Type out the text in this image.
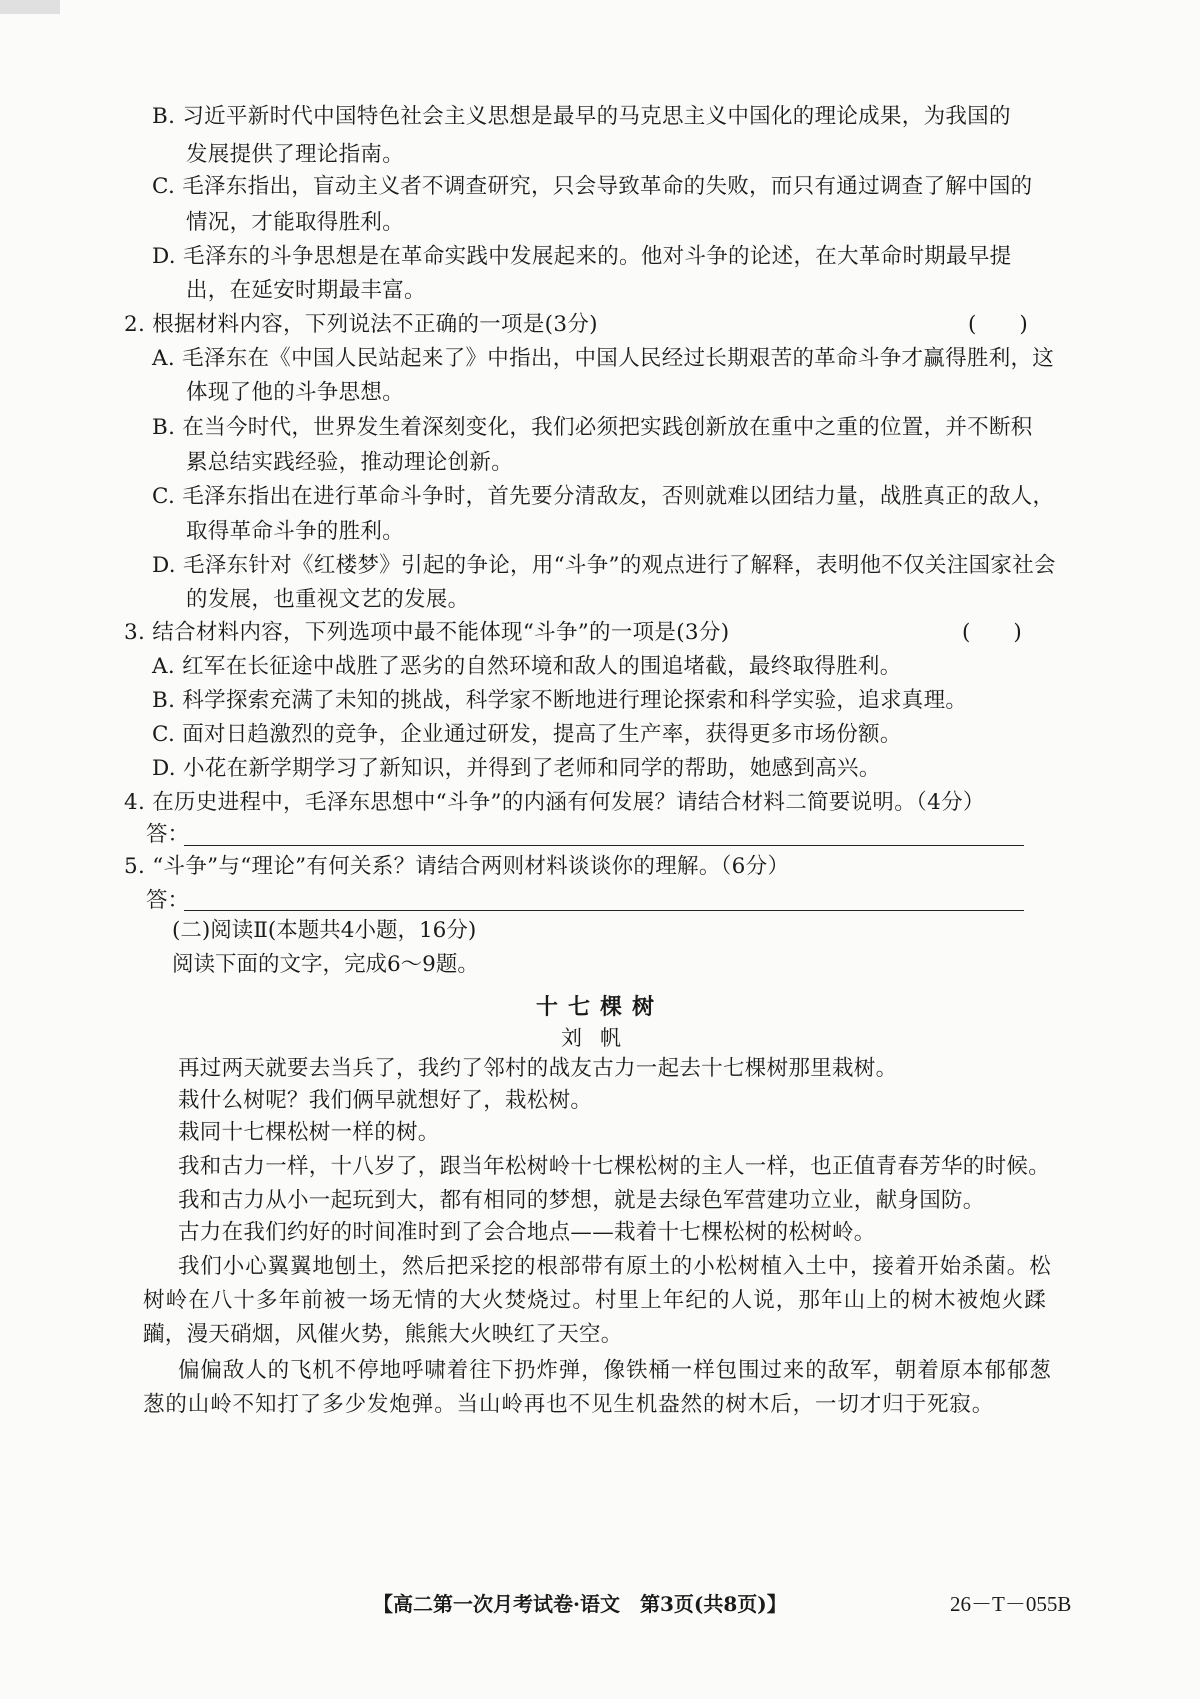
B. 习近平新时代中国特色社会主义思想是最早的马克思主义中国化的理论成果，为我国的
发展提供了理论指南。
C. 毛泽东指出，盲动主义者不调查研究，只会导致革命的失败，而只有通过调查了解中国的
情况，才能取得胜利。
D. 毛泽东的斗争思想是在革命实践中发展起来的。他对斗争的论述，在大革命时期最早提
出，在延安时期最丰富。
2. 根据材料内容，下列说法不正确的一项是(3分)	(　　)
A. 毛泽东在《中国人民站起来了》中指出，中国人民经过长期艰苦的革命斗争才赢得胜利，这
体现了他的斗争思想。
B. 在当今时代，世界发生着深刻变化，我们必须把实践创新放在重中之重的位置，并不断积
累总结实践经验，推动理论创新。
C. 毛泽东指出在进行革命斗争时，首先要分清敌友，否则就难以团结力量，战胜真正的敌人，
取得革命斗争的胜利。
D. 毛泽东针对《红楼梦》引起的争论，用“斗争”的观点进行了解释，表明他不仅关注国家社会
的发展，也重视文艺的发展。
3. 结合材料内容，下列选项中最不能体现“斗争”的一项是(3分)	(　　)
A. 红军在长征途中战胜了恶劣的自然环境和敌人的围追堵截，最终取得胜利。
B. 科学探索充满了未知的挑战，科学家不断地进行理论探索和科学实验，追求真理。
C. 面对日趋激烈的竞争，企业通过研发，提高了生产率，获得更多市场份额。
D. 小花在新学期学习了新知识，并得到了老师和同学的帮助，她感到高兴。
4. 在历史进程中，毛泽东思想中“斗争”的内涵有何发展？请结合材料二简要说明。（4分）
答：
5. “斗争”与“理论”有何关系？请结合两则材料谈谈你的理解。（6分）
答：
(二)阅读Ⅱ(本题共4小题，16分)
阅读下面的文字，完成6～9题。
十七棵树
刘帆
再过两天就要去当兵了，我约了邻村的战友古力一起去十七棵树那里栽树。
栽什么树呢？我们俩早就想好了，栽松树。
栽同十七棵松树一样的树。
我和古力一样，十八岁了，跟当年松树岭十七棵松树的主人一样，也正值青春芳华的时候。
我和古力从小一起玩到大，都有相同的梦想，就是去绿色军营建功立业，献身国防。
古力在我们约好的时间准时到了会合地点——栽着十七棵松树的松树岭。
我们小心翼翼地刨土，然后把采挖的根部带有原土的小松树植入土中，接着开始杀菌。松
树岭在八十多年前被一场无情的大火焚烧过。村里上年纪的人说，那年山上的树木被炮火蹂
躏，漫天硝烟，风催火势，熊熊大火映红了天空。
偏偏敌人的飞机不停地呼啸着往下扔炸弹，像铁桶一样包围过来的敌军，朝着原本郁郁葱
葱的山岭不知打了多少发炮弹。当山岭再也不见生机盎然的树木后，一切才归于死寂。
【高二第一次月考试卷·语文　第3页(共8页)】	26－T－055B
